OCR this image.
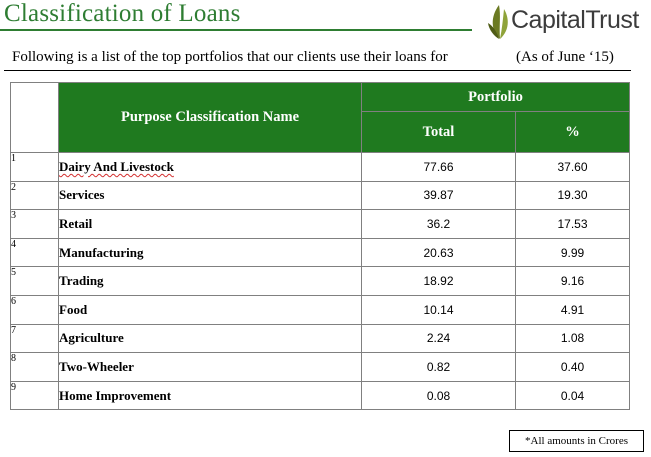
Classification of Loans	CapitalTrust
Following is a list of the top portfolios that our clients use their loans for	(As of June ‘15)
	Purpose Classification Name	Portfolio	
		Total	%
1	Dairy And Livestock	77.66	37.60
2	Services	39.87	19.30
3	Retail	36.2	17.53
4	Manufacturing	20.63	9.99
5	Trading	18.92	9.16
6	Food	10.14	4.91
7	Agriculture	2.24	1.08
8	Two-Wheeler	0.82	0.40
9	Home Improvement	0.08	0.04
*All amounts in Crores
